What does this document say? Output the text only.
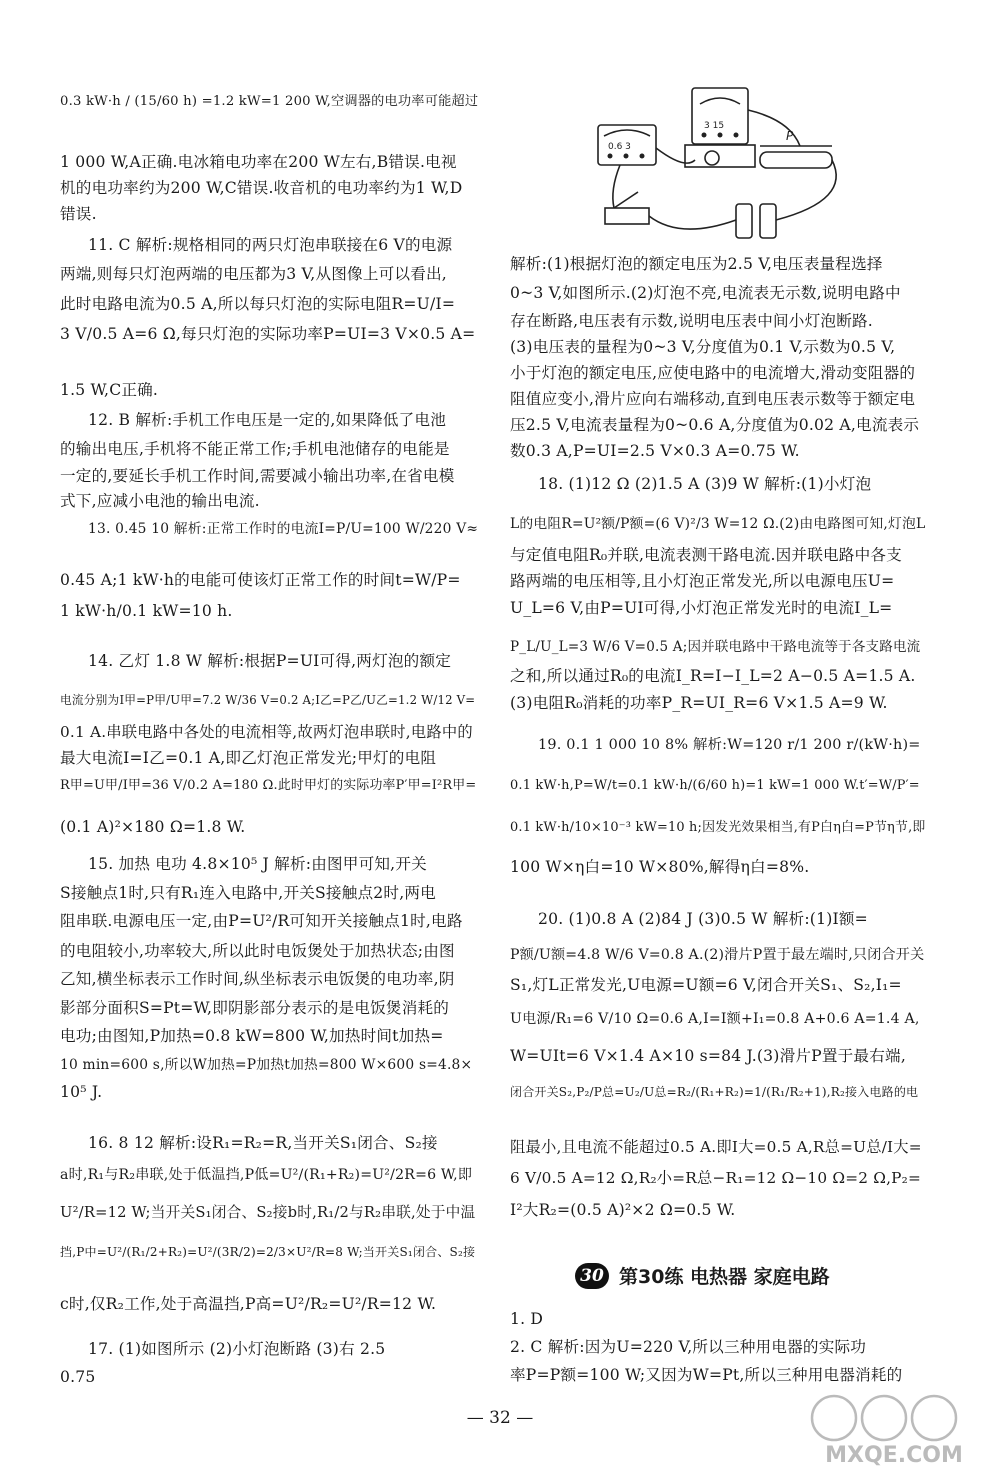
0.3 kW·h / (15/60 h) =1.2 kW=1 200 W,空调器的电功率可能超过
1 000 W,A正确.电冰箱电功率在200 W左右,B错误.电视
机的电功率约为200 W,C错误.收音机的电功率约为1 W,D
错误.
11. C 解析:规格相同的两只灯泡串联接在6 V的电源
两端,则每只灯泡两端的电压都为3 V,从图像上可以看出,
此时电路电流为0.5 A,所以每只灯泡的实际电阻R=U/I=
3 V/0.5 A=6 Ω,每只灯泡的实际功率P=UI=3 V×0.5 A=
1.5 W,C正确.
12. B 解析:手机工作电压是一定的,如果降低了电池
的输出电压,手机将不能正常工作;手机电池储存的电能是
一定的,要延长手机工作时间,需要减小输出功率,在省电模
式下,应减小电池的输出电流.
13. 0.45 10 解析:正常工作时的电流I=P/U=100 W/220 V≈
0.45 A;1 kW·h的电能可使该灯正常工作的时间t=W/P=
1 kW·h/0.1 kW=10 h.
14. 乙灯 1.8 W 解析:根据P=UI可得,两灯泡的额定
电流分别为I甲=P甲/U甲=7.2 W/36 V=0.2 A;I乙=P乙/U乙=1.2 W/12 V=
0.1 A.串联电路中各处的电流相等,故两灯泡串联时,电路中的
最大电流I=I乙=0.1 A,即乙灯泡正常发光;甲灯的电阻
R甲=U甲/I甲=36 V/0.2 A=180 Ω.此时甲灯的实际功率P′甲=I²R甲=
(0.1 A)²×180 Ω=1.8 W.
15. 加热 电功 4.8×10⁵ J 解析:由图甲可知,开关
S接触点1时,只有R₁连入电路中,开关S接触点2时,两电
阻串联.电源电压一定,由P=U²/R可知开关接触点1时,电路
的电阻较小,功率较大,所以此时电饭煲处于加热状态;由图
乙知,横坐标表示工作时间,纵坐标表示电饭煲的电功率,阴
影部分面积S=Pt=W,即阴影部分表示的是电饭煲消耗的
电功;由图知,P加热=0.8 kW=800 W,加热时间t加热=
10 min=600 s,所以W加热=P加热t加热=800 W×600 s=4.8×
10⁵ J.
16. 8 12 解析:设R₁=R₂=R,当开关S₁闭合、S₂接
a时,R₁与R₂串联,处于低温挡,P低=U²/(R₁+R₂)=U²/2R=6 W,即
U²/R=12 W;当开关S₁闭合、S₂接b时,R₁/2与R₂串联,处于中温
挡,P中=U²/(R₁/2+R₂)=U²/(3R/2)=2/3×U²/R=8 W;当开关S₁闭合、S₂接
c时,仅R₂工作,处于高温挡,P高=U²/R₂=U²/R=12 W.
17. (1)如图所示 (2)小灯泡断路 (3)右 2.5
0.75
解析:(1)根据灯泡的额定电压为2.5 V,电压表量程选择
0~3 V,如图所示.(2)灯泡不亮,电流表无示数,说明电路中
存在断路,电压表有示数,说明电压表中间小灯泡断路.
(3)电压表的量程为0~3 V,分度值为0.1 V,示数为0.5 V,
小于灯泡的额定电压,应使电路中的电流增大,滑动变阻器的
阻值应变小,滑片应向右端移动,直到电压表示数等于额定电
压2.5 V,电流表量程为0~0.6 A,分度值为0.02 A,电流表示
数0.3 A,P=UI=2.5 V×0.3 A=0.75 W.
18. (1)12 Ω (2)1.5 A (3)9 W 解析:(1)小灯泡
L的电阻R=U²额/P额=(6 V)²/3 W=12 Ω.(2)由电路图可知,灯泡L
与定值电阻R₀并联,电流表测干路电流.因并联电路中各支
路两端的电压相等,且小灯泡正常发光,所以电源电压U=
U_L=6 V,由P=UI可得,小灯泡正常发光时的电流I_L=
P_L/U_L=3 W/6 V=0.5 A;因并联电路中干路电流等于各支路电流
之和,所以通过R₀的电流I_R=I−I_L=2 A−0.5 A=1.5 A.
(3)电阻R₀消耗的功率P_R=UI_R=6 V×1.5 A=9 W.
19. 0.1 1 000 10 8% 解析:W=120 r/1 200 r/(kW·h)=
0.1 kW·h,P=W/t=0.1 kW·h/(6/60 h)=1 kW=1 000 W.t′=W/P′=
0.1 kW·h/10×10⁻³ kW=10 h;因发光效果相当,有P白η白=P节η节,即
100 W×η白=10 W×80%,解得η白=8%.
20. (1)0.8 A (2)84 J (3)0.5 W 解析:(1)I额=
P额/U额=4.8 W/6 V=0.8 A.(2)滑片P置于最左端时,只闭合开关
S₁,灯L正常发光,U电源=U额=6 V,闭合开关S₁、S₂,I₁=
U电源/R₁=6 V/10 Ω=0.6 A,I=I额+I₁=0.8 A+0.6 A=1.4 A,
W=UIt=6 V×1.4 A×10 s=84 J.(3)滑片P置于最右端,
闭合开关S₂,P₂/P总=U₂/U总=R₂/(R₁+R₂)=1/(R₁/R₂+1),R₂接入电路的电
阻最小,且电流不能超过0.5 A.即I大=0.5 A,R总=U总/I大=
6 V/0.5 A=12 Ω,R₂小=R总−R₁=12 Ω−10 Ω=2 Ω,P₂=
I²大R₂=(0.5 A)²×2 Ω=0.5 W.
1. D
2. C 解析:因为U=220 V,所以三种用电器的实际功
率P=P额=100 W;又因为W=Pt,所以三种用电器消耗的
0.6 3
3 15
P
30 第30练 电热器 家庭电路
— 32 —
MXQE.COM
